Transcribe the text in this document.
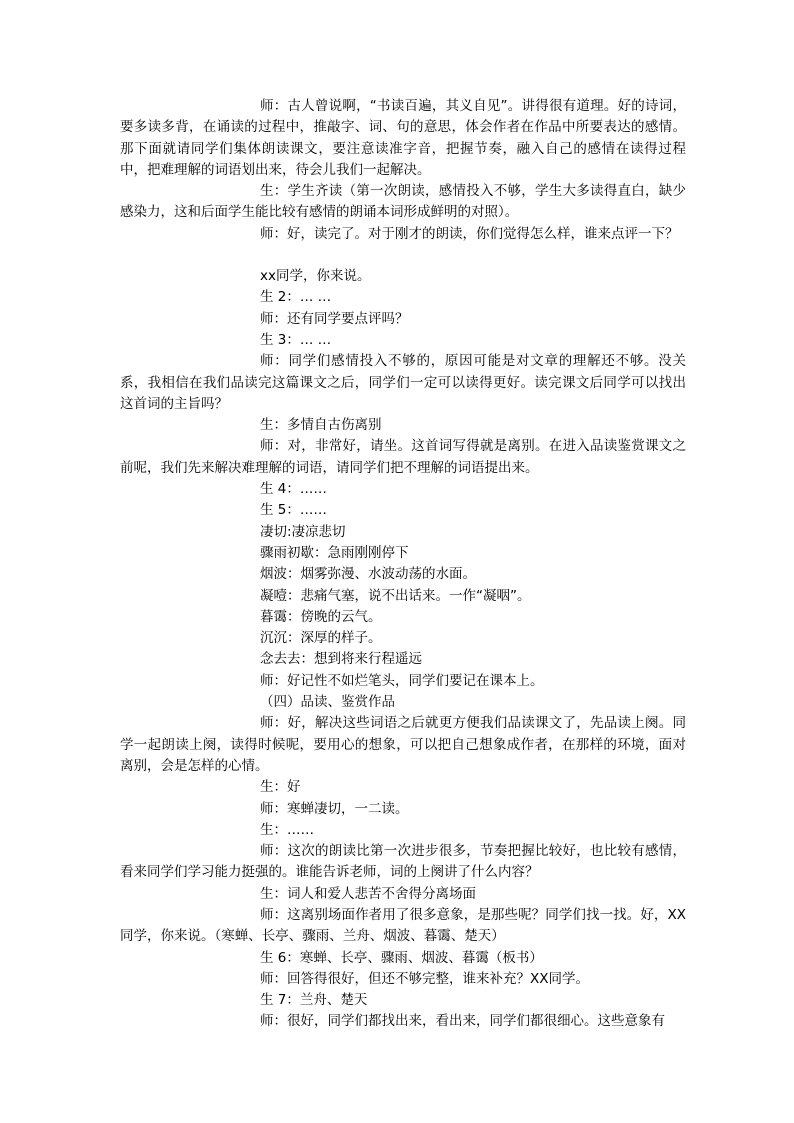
师：古人曾说啊，“书读百遍，其义自见”。讲得很有道理。好的诗词，要多读多背，在诵读的过程中，推敲字、词、句的意思，体会作者在作品中所要表达的感情。那下面就请同学们集体朗读课文，要注意读准字音，把握节奏，融入自己的感情在读得过程中，把难理解的词语划出来，待会儿我们一起解决。

生：学生齐读（第一次朗读，感情投入不够，学生大多读得直白，缺少感染力，这和后面学生能比较有感情的朗诵本词形成鲜明的对照）。

师：好，读完了。对于刚才的朗读，你们觉得怎么样，谁来点评一下？

xx同学，你来说。

生 2：… …

师：还有同学要点评吗？

生 3：… …

师：同学们感情投入不够的，原因可能是对文章的理解还不够。没关系，我相信在我们品读完这篇课文之后，同学们一定可以读得更好。读完课文后同学可以找出这首词的主旨吗？

生：多情自古伤离别

师：对，非常好，请坐。这首词写得就是离别。在进入品读鉴赏课文之前呢，我们先来解决难理解的词语，请同学们把不理解的词语提出来。

生 4：……

生 5：……

凄切:凄凉悲切

骤雨初歇：急雨刚刚停下

烟波：烟雾弥漫、水波动荡的水面。

凝噎：悲痛气塞，说不出话来。一作“凝咽”。

暮霭：傍晚的云气。

沉沉：深厚的样子。

念去去：想到将来行程遥远

师：好记性不如烂笔头，同学们要记在课本上。

（四）品读、鉴赏作品

师：好，解决这些词语之后就更方便我们品读课文了，先品读上阕。同学一起朗读上阕，读得时候呢，要用心的想象，可以把自己想象成作者，在那样的环境，面对离别，会是怎样的心情。

生：好

师：寒蝉凄切，一二读。

生：……

师：这次的朗读比第一次进步很多，节奏把握比较好，也比较有感情，看来同学们学习能力挺强的。谁能告诉老师，词的上阕讲了什么内容？

生：词人和爱人悲苦不舍得分离场面

师：这离别场面作者用了很多意象，是那些呢？同学们找一找。好，XX同学，你来说。（寒蝉、长亭、骤雨、兰舟、烟波、暮霭、楚天）

生 6：寒蝉、长亭、骤雨、烟波、暮霭（板书）

师：回答得很好，但还不够完整，谁来补充？XX同学。

生 7：兰舟、楚天

师：很好，同学们都找出来，看出来，同学们都很细心。这些意象有
